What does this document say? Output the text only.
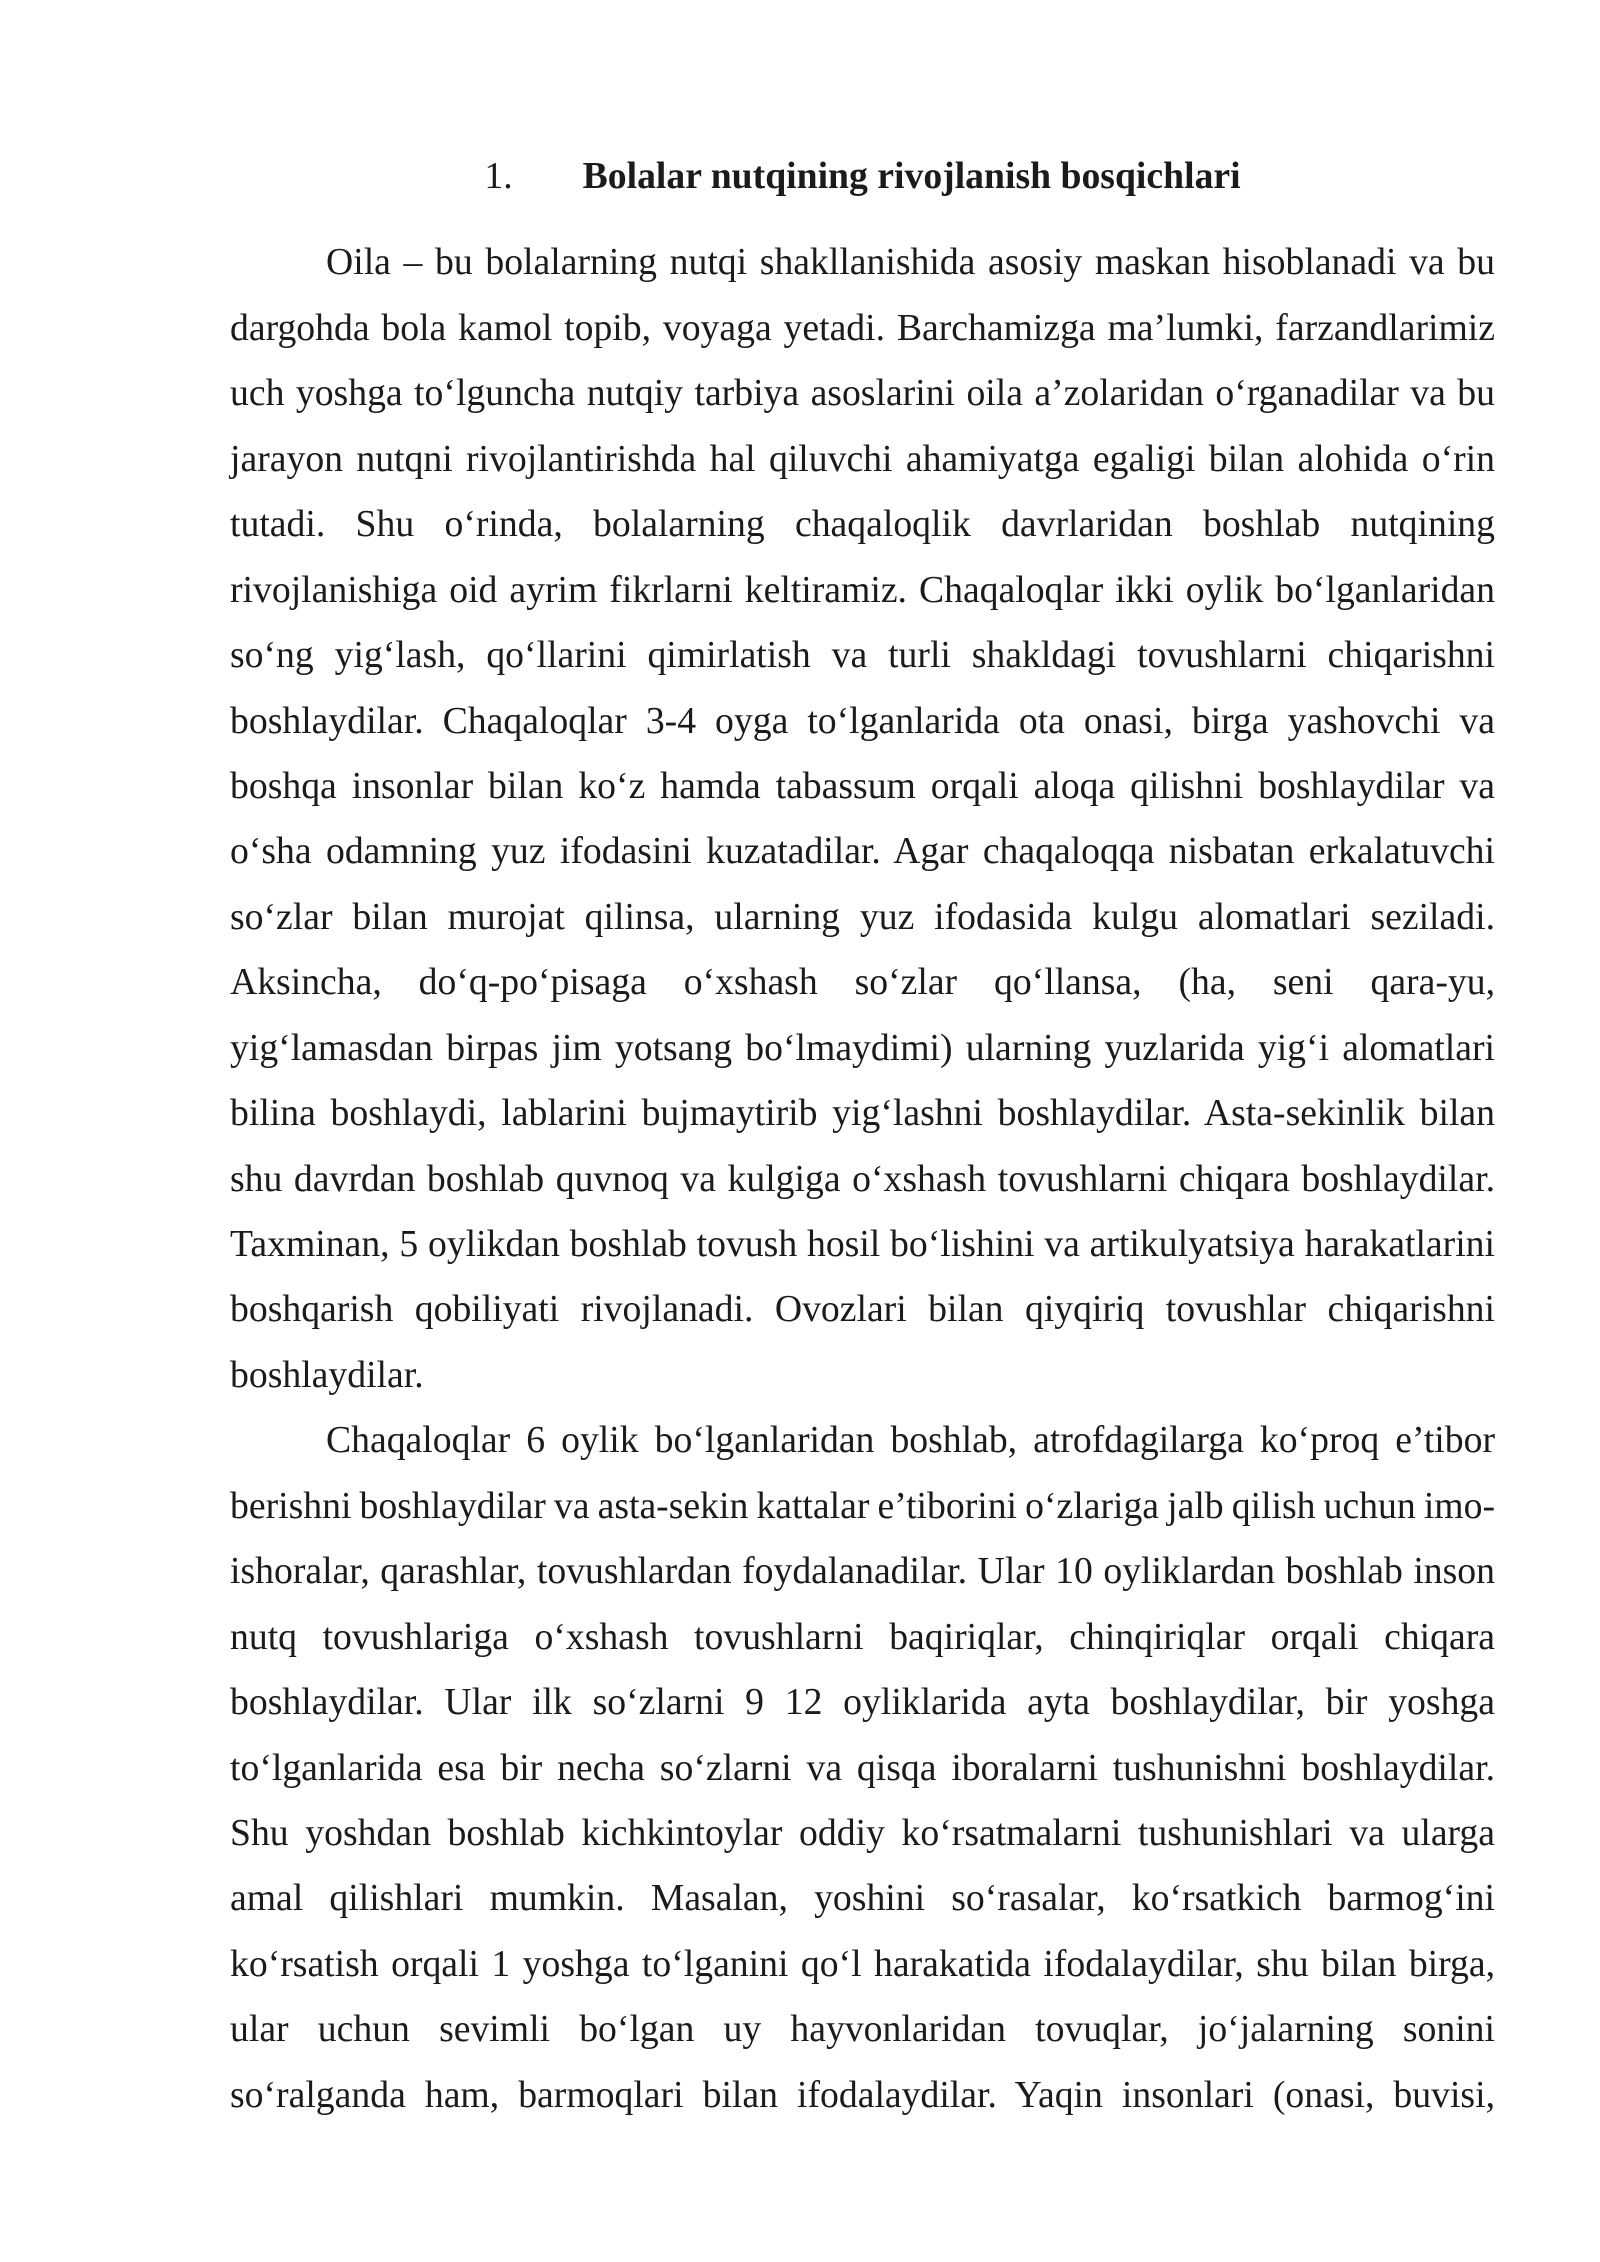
1. Bolalar nutqining rivojlanish bosqichlari
Oila – bu bolalarning nutqi shakllanishida asosiy maskan hisoblanadi va bu
dargohda bola kamol topib, voyaga yetadi. Barchamizga ma’lumki, farzandlarimiz
uch yoshga to‘lguncha nutqiy tarbiya asoslarini oila a’zolaridan o‘rganadilar va bu
jarayon nutqni rivojlantirishda hal qiluvchi ahamiyatga egaligi bilan alohida o‘rin
tutadi. Shu o‘rinda, bolalarning chaqaloqlik davrlaridan boshlab nutqining
rivojlanishiga oid ayrim fikrlarni keltiramiz. Chaqaloqlar ikki oylik bo‘lganlaridan
so‘ng yig‘lash, qo‘llarini qimirlatish va turli shakldagi tovushlarni chiqarishni
boshlaydilar. Chaqaloqlar 3-4 oyga to‘lganlarida ota onasi, birga yashovchi va
boshqa insonlar bilan ko‘z hamda tabassum orqali aloqa qilishni boshlaydilar va
o‘sha odamning yuz ifodasini kuzatadilar. Agar chaqaloqqa nisbatan erkalatuvchi
so‘zlar bilan murojat qilinsa, ularning yuz ifodasida kulgu alomatlari seziladi.
Aksincha, do‘q-po‘pisaga o‘xshash so‘zlar qo‘llansa, (ha, seni qara-yu,
yig‘lamasdan birpas jim yotsang bo‘lmaydimi) ularning yuzlarida yig‘i alomatlari
bilina boshlaydi, lablarini bujmaytirib yig‘lashni boshlaydilar. Asta-sekinlik bilan
shu davrdan boshlab quvnoq va kulgiga o‘xshash tovushlarni chiqara boshlaydilar.
Taxminan, 5 oylikdan boshlab tovush hosil bo‘lishini va artikulyatsiya harakatlarini
boshqarish qobiliyati rivojlanadi. Ovozlari bilan qiyqiriq tovushlar chiqarishni
boshlaydilar.
Chaqaloqlar 6 oylik bo‘lganlaridan boshlab, atrofdagilarga ko‘proq e’tibor
berishni boshlaydilar va asta-sekin kattalar e’tiborini o‘zlariga jalb qilish uchun imo-
ishoralar, qarashlar, tovushlardan foydalanadilar. Ular 10 oyliklardan boshlab inson
nutq tovushlariga o‘xshash tovushlarni baqiriqlar, chinqiriqlar orqali chiqara
boshlaydilar. Ular ilk so‘zlarni 9 12 oyliklarida ayta boshlaydilar, bir yoshga
to‘lganlarida esa bir necha so‘zlarni va qisqa iboralarni tushunishni boshlaydilar.
Shu yoshdan boshlab kichkintoylar oddiy ko‘rsatmalarni tushunishlari va ularga
amal qilishlari mumkin. Masalan, yoshini so‘rasalar, ko‘rsatkich barmog‘ini
ko‘rsatish orqali 1 yoshga to‘lganini qo‘l harakatida ifodalaydilar, shu bilan birga,
ular uchun sevimli bo‘lgan uy hayvonlaridan tovuqlar, jo‘jalarning sonini
so‘ralganda ham, barmoqlari bilan ifodalaydilar. Yaqin insonlari (onasi, buvisi,
